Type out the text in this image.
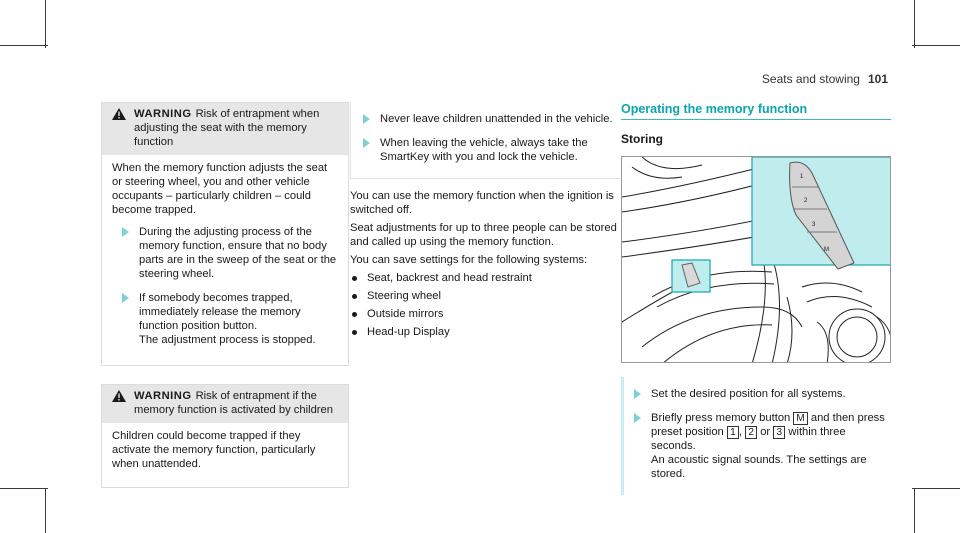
Seats and stowing 101
WARNING Risk of entrapment when adjusting the seat with the memory function

When the memory function adjusts the seat or steering wheel, you and other vehicle occupants – particularly children – could become trapped.

During the adjusting process of the memory function, ensure that no body parts are in the sweep of the seat or the steering wheel.
If somebody becomes trapped, immediately release the memory function position button.
The adjustment process is stopped.
WARNING Risk of entrapment if the memory function is activated by children

Children could become trapped if they activate the memory function, particularly when unattended.

Never leave children unattended in the vehicle.
When leaving the vehicle, always take the SmartKey with you and lock the vehicle.

You can use the memory function when the ignition is switched off.

Seat adjustments for up to three people can be stored and called up using the memory function.

You can save settings for the following systems:

Seat, backrest and head restraint
Steering wheel
Outside mirrors
Head-up Display
Operating the memory function
Storing
1
2
3
M
Set the desired position for all systems.
Briefly press memory button M and then press preset position 1 , 2 or 3 within three seconds.
An acoustic signal sounds. The settings are stored.
